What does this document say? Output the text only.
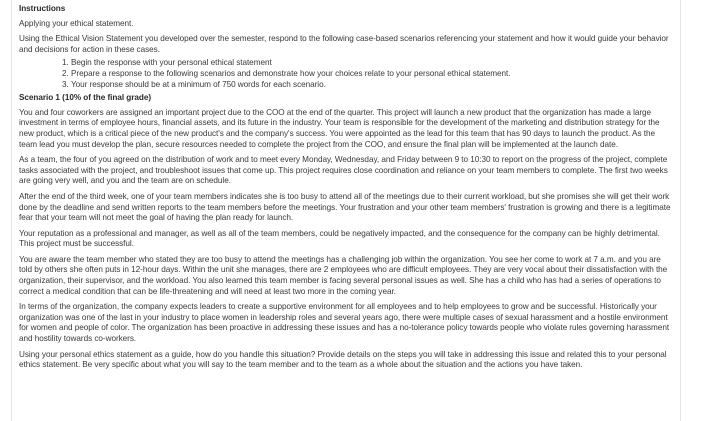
Instructions
Applying your ethical statement.
Using the Ethical Vision Statement you developed over the semester, respond to the following case-based scenarios referencing your statement and how it would guide your behavior and decisions for action in these cases.
1. Begin the response with your personal ethical statement
2. Prepare a response to the following scenarios and demonstrate how your choices relate to your personal ethical statement.
3. Your response should be at a minimum of 750 words for each scenario.
Scenario 1 (10% of the final grade)
You and four coworkers are assigned an important project due to the COO at the end of the quarter. This project will launch a new product that the organization has made a large investment in terms of employee hours, financial assets, and its future in the industry. Your team is responsible for the development of the marketing and distribution strategy for the new product, which is a critical piece of the new product's and the company's success. You were appointed as the lead for this team that has 90 days to launch the product. As the team lead you must develop the plan, secure resources needed to complete the project from the COO, and ensure the final plan will be implemented at the launch date.
As a team, the four of you agreed on the distribution of work and to meet every Monday, Wednesday, and Friday between 9 to 10:30 to report on the progress of the project, complete tasks associated with the project, and troubleshoot issues that come up. This project requires close coordination and reliance on your team members to complete. The first two weeks are going very well, and you and the team are on schedule.
After the end of the third week, one of your team members indicates she is too busy to attend all of the meetings due to their current workload, but she promises she will get their work done by the deadline and send written reports to the team members before the meetings. Your frustration and your other team members' frustration is growing and there is a legitimate fear that your team will not meet the goal of having the plan ready for launch.
Your reputation as a professional and manager, as well as all of the team members, could be negatively impacted, and the consequence for the company can be highly detrimental. This project must be successful.
You are aware the team member who stated they are too busy to attend the meetings has a challenging job within the organization. You see her come to work at 7 a.m. and you are told by others she often puts in 12-hour days. Within the unit she manages, there are 2 employees who are difficult employees. They are very vocal about their dissatisfaction with the organization, their supervisor, and the workload. You also learned this team member is facing several personal issues as well. She has a child who has had a series of operations to correct a medical condition that can be life-threatening and will need at least two more in the coming year.
In terms of the organization, the company expects leaders to create a supportive environment for all employees and to help employees to grow and be successful. Historically your organization was one of the last in your industry to place women in leadership roles and several years ago, there were multiple cases of sexual harassment and a hostile environment for women and people of color. The organization has been proactive in addressing these issues and has a no-tolerance policy towards people who violate rules governing harassment and hostility towards co-workers.
Using your personal ethics statement as a guide, how do you handle this situation? Provide details on the steps you will take in addressing this issue and related this to your personal ethics statement. Be very specific about what you will say to the team member and to the team as a whole about the situation and the actions you have taken.
